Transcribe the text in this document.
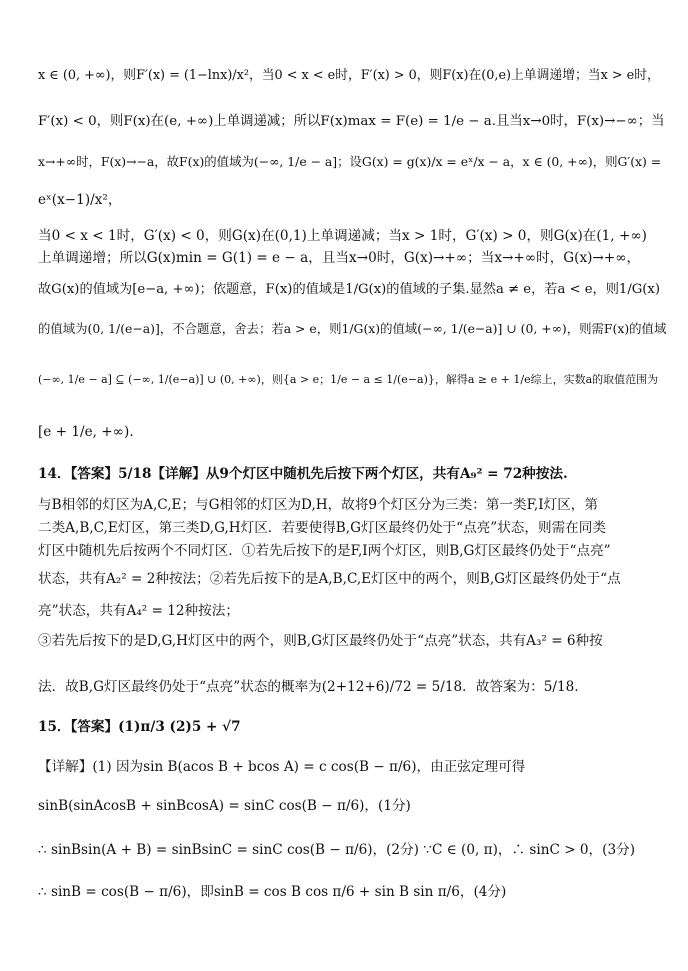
x ∈ (0, +∞)，则F′(x) = (1−lnx)/x²，当0 < x < e时，F′(x) > 0，则F(x)在(0,e)上单调递增；当x > e时，
F′(x) < 0，则F(x)在(e, +∞)上单调递减；所以F(x)max = F(e) = 1/e − a.且当x→0时，F(x)→−∞；当
x→+∞时，F(x)→−a，故F(x)的值域为(−∞, 1/e − a]；设G(x) = g(x)/x = eˣ/x − a，x ∈ (0, +∞)，则G′(x) =
eˣ(x−1)/x²，
当0 < x < 1时，G′(x) < 0，则G(x)在(0,1)上单调递减；当x > 1时，G′(x) > 0，则G(x)在(1, +∞)
上单调递增；所以G(x)min = G(1) = e − a，且当x→0时，G(x)→+∞；当x→+∞时，G(x)→+∞，
故G(x)的值域为[e−a, +∞)；依题意，F(x)的值域是1/G(x)的值域的子集.显然a ≠ e，若a < e，则1/G(x)
的值域为(0, 1/(e−a)]，不合题意，舍去；若a > e，则1/G(x)的值域(−∞, 1/(e−a)] ∪ (0, +∞)，则需F(x)的值域
(−∞, 1/e − a] ⊆ (−∞, 1/(e−a)] ∪ (0, +∞)，则{a > e；1/e − a ≤ 1/(e−a)}，解得a ≥ e + 1/e综上，实数a的取值范围为
[e + 1/e, +∞).
14．【答案】5/18【详解】从9个灯区中随机先后按下两个灯区，共有A₉² = 72种按法.
与B相邻的灯区为A,C,E；与G相邻的灯区为D,H，故将9个灯区分为三类：第一类F,I灯区，第
二类A,B,C,E灯区，第三类D,G,H灯区．若要使得B,G灯区最终仍处于“点亮”状态，则需在同类
灯区中随机先后按两个不同灯区．①若先后按下的是F,I两个灯区，则B,G灯区最终仍处于“点亮”
状态，共有A₂² = 2种按法；②若先后按下的是A,B,C,E灯区中的两个，则B,G灯区最终仍处于“点
亮”状态，共有A₄² = 12种按法；
③若先后按下的是D,G,H灯区中的两个，则B,G灯区最终仍处于“点亮”状态，共有A₃² = 6种按
法．故B,G灯区最终仍处于“点亮”状态的概率为(2+12+6)/72 = 5/18．故答案为：5/18.
15．【答案】(1)π/3 (2)5 + √7
【详解】(1) 因为sin B(acos B + bcos A) = c cos(B − π/6)，由正弦定理可得
sinB(sinAcosB + sinBcosA) = sinC cos(B − π/6)，(1分)
∴ sinBsin(A + B) = sinBsinC = sinC cos(B − π/6)，(2分) ∵C ∈ (0, π)，∴ sinC > 0，(3分)
∴ sinB = cos(B − π/6)，即sinB = cos B cos π/6 + sin B sin π/6，(4分)
